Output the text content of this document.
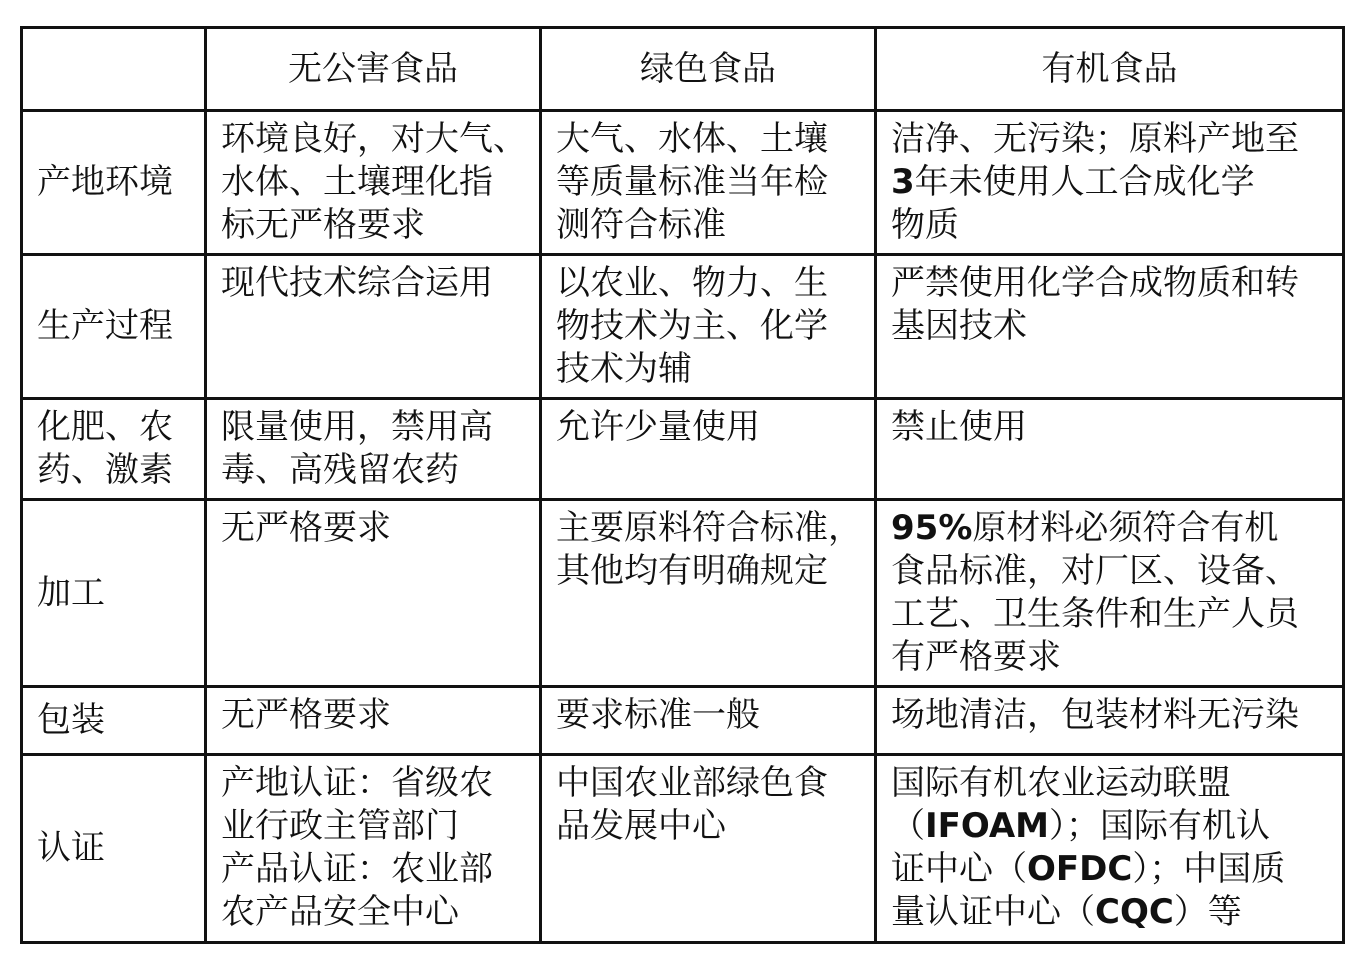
	无公害食品	绿色食品	有机食品

产地环境	环境良好，对大气、
水体、土壤理化指
标无严格要求	大气、水体、土壤
等质量标准当年检
测符合标准	洁净、无污染；原料产地至
3年未使用人工合成化学
物质

生产过程	现代技术综合运用	以农业、物力、生
物技术为主、化学
技术为辅	严禁使用化学合成物质和转
基因技术

化肥、农
药、激素	限量使用，禁用高
毒、高残留农药	允许少量使用	禁止使用

加工	无严格要求	主要原料符合标准，
其他均有明确规定	95%原材料必须符合有机
食品标准，对厂区、设备、
工艺、卫生条件和生产人员
有严格要求

包装	无严格要求	要求标准一般	场地清洁，包装材料无污染

认证	产地认证：省级农
业行政主管部门
产品认证：农业部
农产品安全中心	中国农业部绿色食
品发展中心	国际有机农业运动联盟
（IFOAM）；国际有机认
证中心（OFDC）；中国质
量认证中心（CQC）等
